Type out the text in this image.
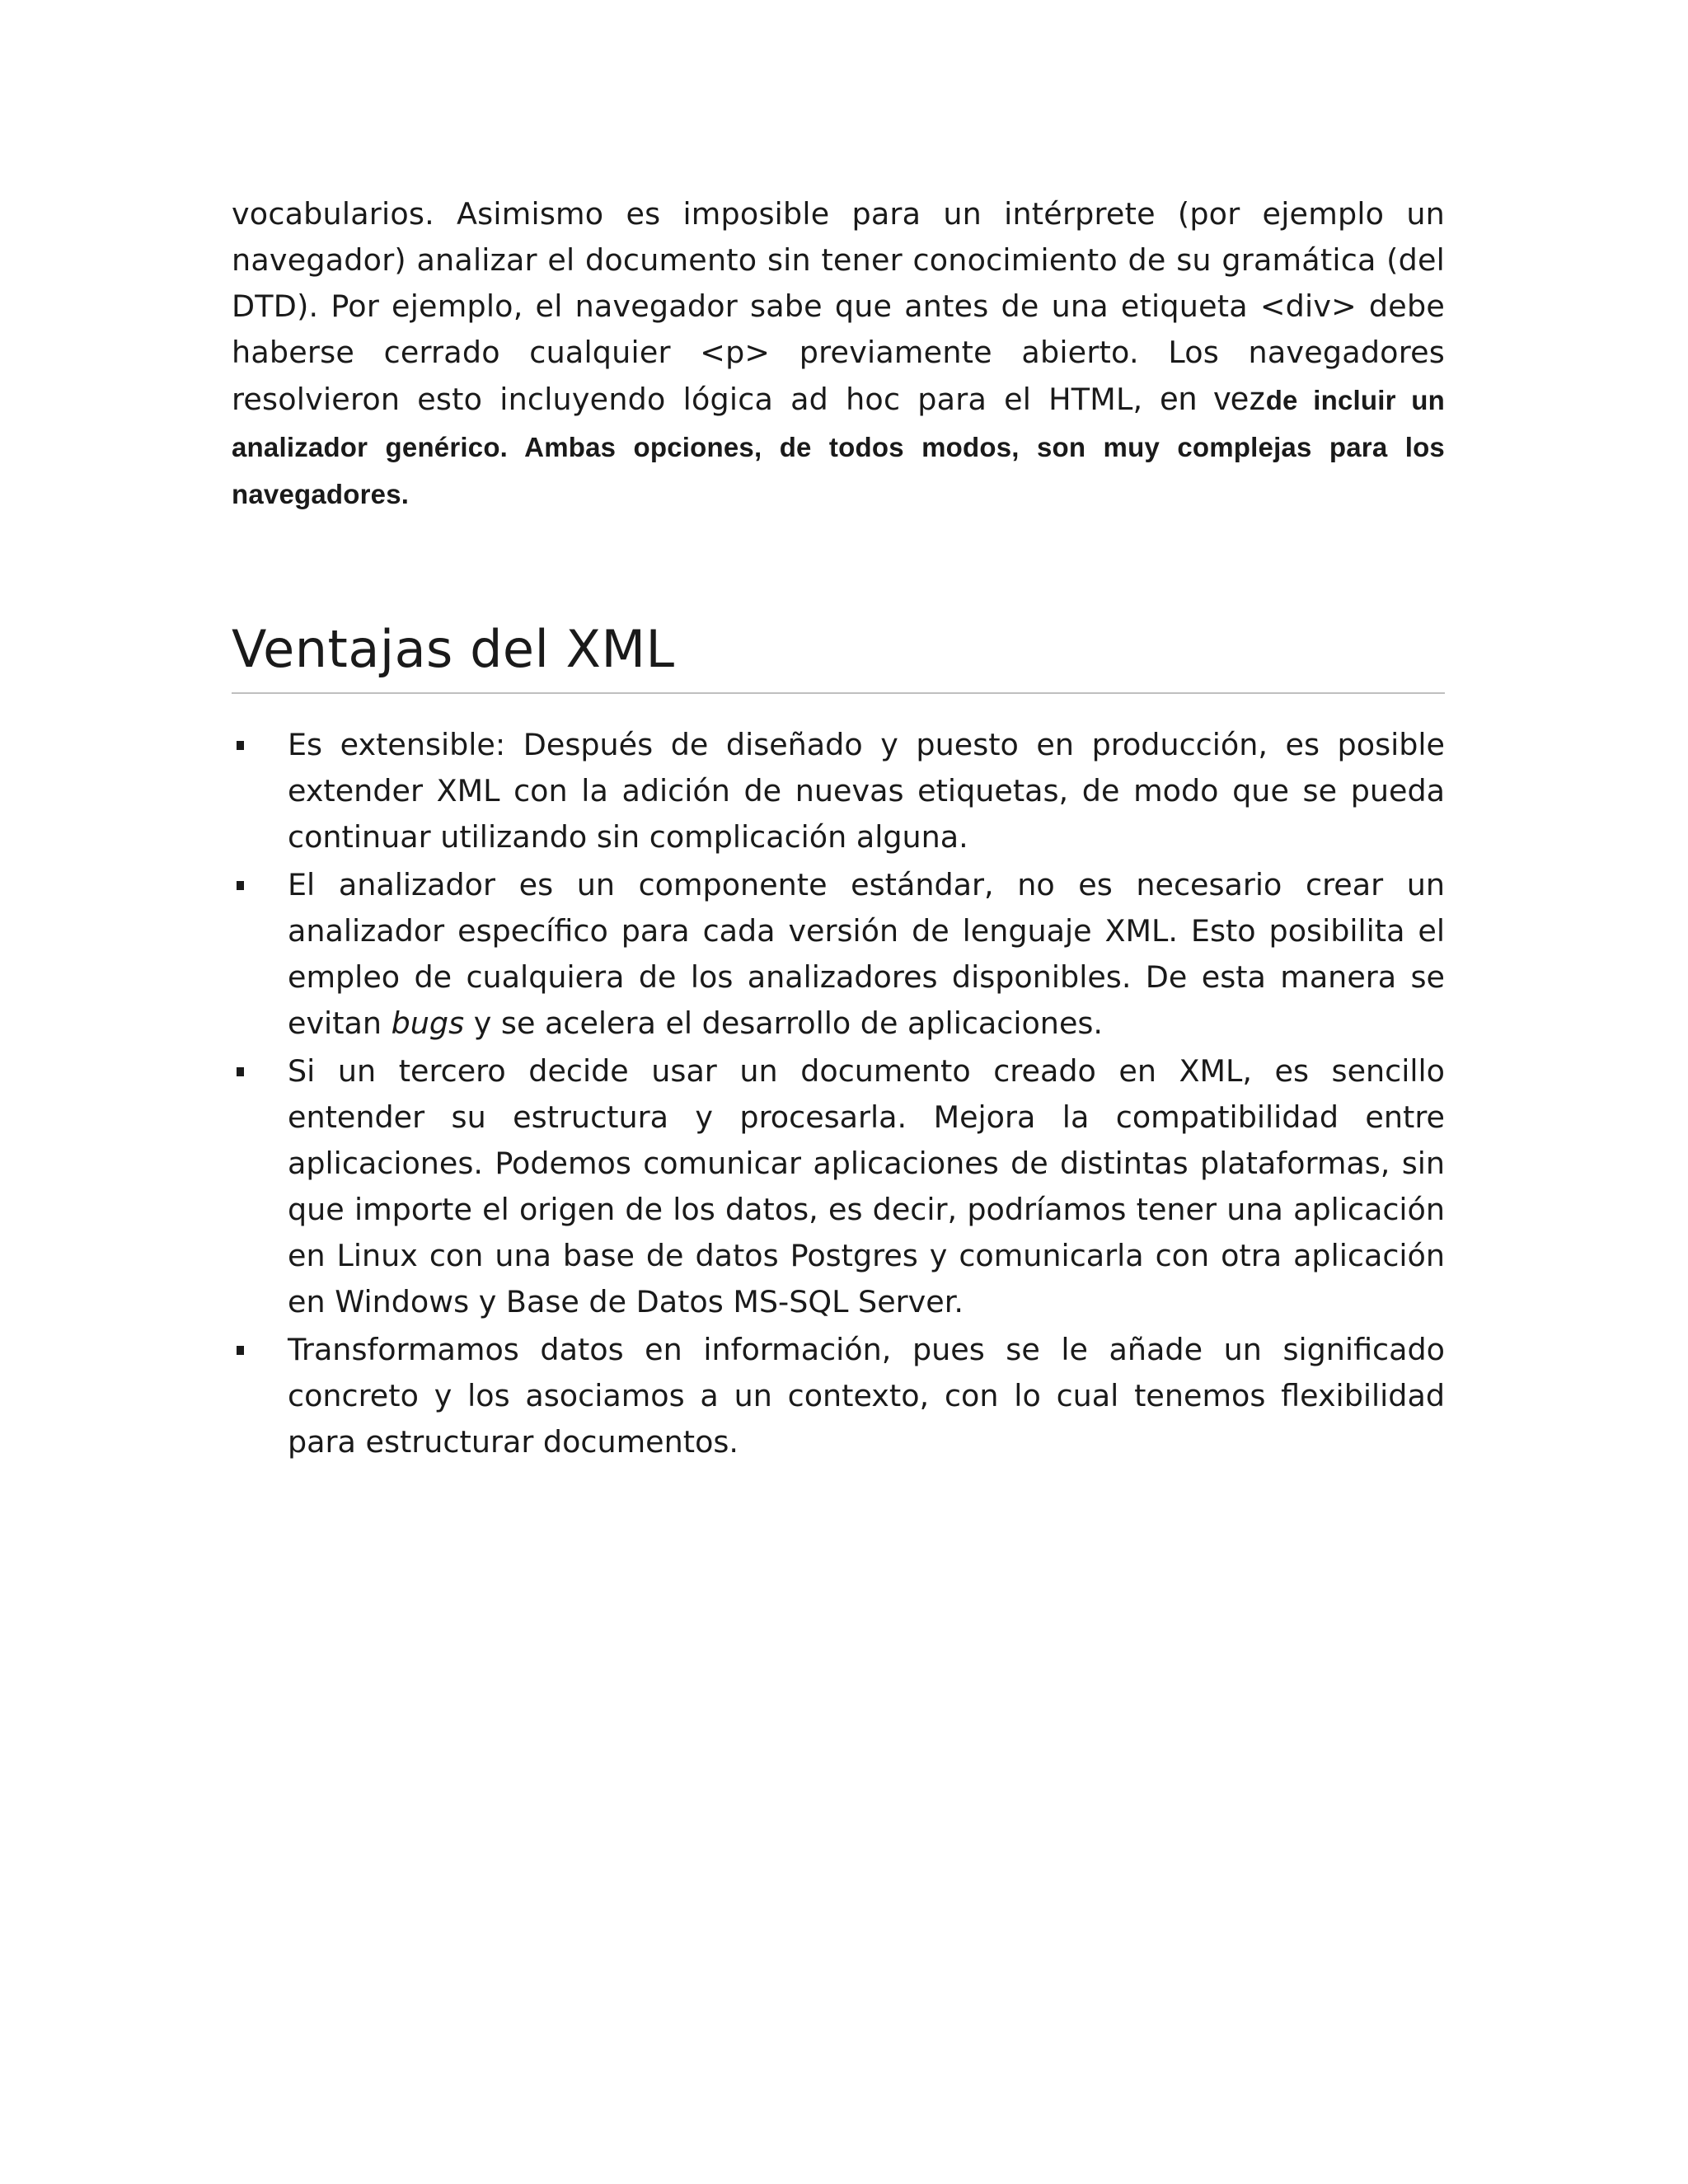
vocabularios. Asimismo es imposible para un intérprete (por ejemplo un navegador) analizar el documento sin tener conocimiento de su gramática (del DTD). Por ejemplo, el navegador sabe que antes de una etiqueta <div> debe haberse cerrado cualquier <p> previamente abierto. Los navegadores resolvieron esto incluyendo lógica ad hoc para el HTML, en vezde incluir un analizador genérico. Ambas opciones, de todos modos, son muy complejas para los navegadores.

Ventajas del XML
Es extensible: Después de diseñado y puesto en producción, es posible extender XML con la adición de nuevas etiquetas, de modo que se pueda continuar utilizando sin complicación alguna.
El analizador es un componente estándar, no es necesario crear un analizador específico para cada versión de lenguaje XML. Esto posibilita el empleo de cualquiera de los analizadores disponibles. De esta manera se evitan bugs y se acelera el desarrollo de aplicaciones.
Si un tercero decide usar un documento creado en XML, es sencillo entender su estructura y procesarla. Mejora la compatibilidad entre aplicaciones. Podemos comunicar aplicaciones de distintas plataformas, sin que importe el origen de los datos, es decir, podríamos tener una aplicación en Linux con una base de datos Postgres y comunicarla con otra aplicación en Windows y Base de Datos MS-SQL Server.
Transformamos datos en información, pues se le añade un significado concreto y los asociamos a un contexto, con lo cual tenemos flexibilidad para estructurar documentos.
